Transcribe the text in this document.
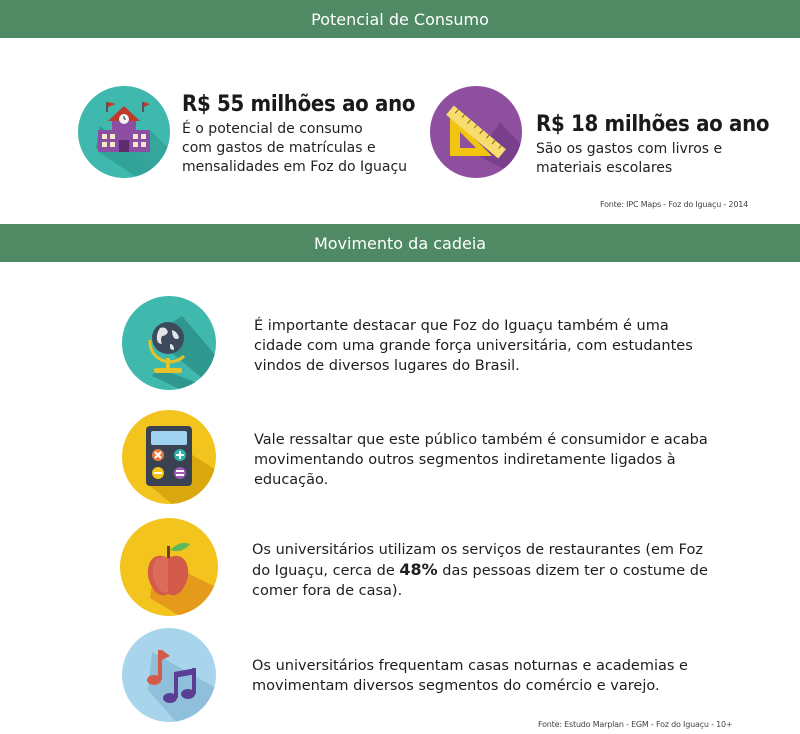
Potencial de Consumo
R$ 55 milhões ao ano
É o potencial de consumo
com gastos de matrículas e
mensalidades em Foz do Iguaçu
R$ 18 milhões ao ano
São os gastos com livros e
materiais escolares
Fonte: IPC Maps - Foz do Iguaçu - 2014
Movimento da cadeia
É importante destacar que Foz do Iguaçu também é uma
cidade com uma grande força universitária, com estudantes
vindos de diversos lugares do Brasil.
Vale ressaltar que este público também é consumidor e acaba
movimentando outros segmentos indiretamente ligados à
educação.
Os universitários utilizam os serviços de restaurantes (em Foz
do Iguaçu, cerca de 48% das pessoas dizem ter o costume de
comer fora de casa).
Os universitários frequentam casas noturnas e academias e
movimentam diversos segmentos do comércio e varejo.
Fonte: Estudo Marplan - EGM - Foz do Iguaçu - 10+
